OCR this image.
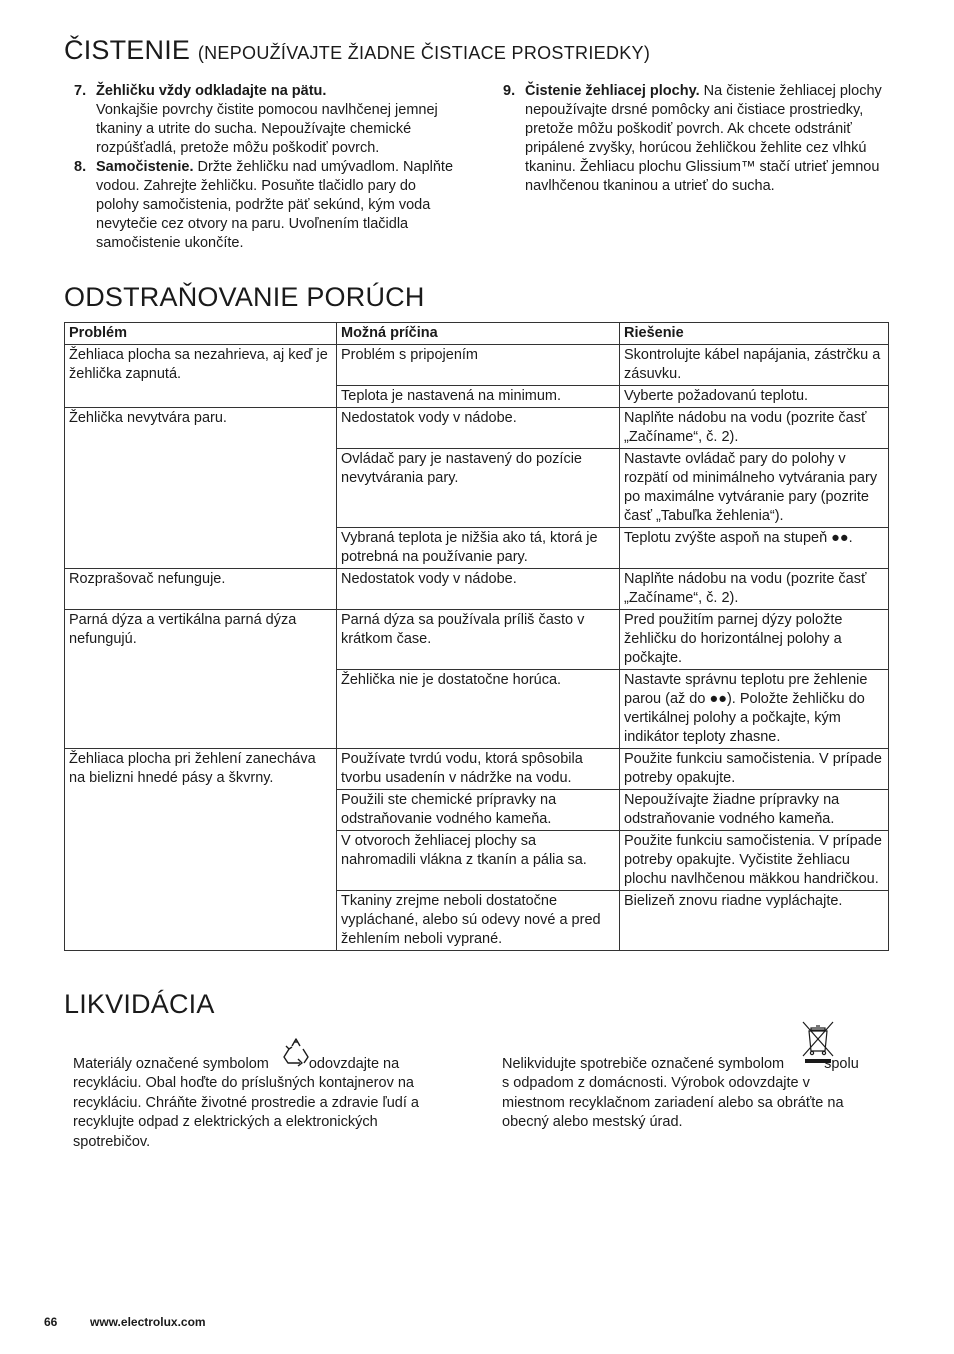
ČISTENIE (NEPOUŽÍVAJTE ŽIADNE ČISTIACE PROSTRIEDKY)
7. Žehličku vždy odkladajte na pätu.
Vonkajšie povrchy čistite pomocou navlhčenej jemnej tkaniny a utrite do sucha. Nepoužívajte chemické rozpúšťadlá, pretože môžu poškodiť povrch.
8. Samočistenie. Držte žehličku nad umývadlom. Naplňte vodou. Zahrejte žehličku. Posuňte tlačidlo pary do polohy samočistenia, podržte päť sekúnd, kým voda nevytečie cez otvory na paru. Uvoľnením tlačidla samočistenie ukončíte.
9. Čistenie žehliacej plochy. Na čistenie žehliacej plochy nepoužívajte drsné pomôcky ani čistiace prostriedky, pretože môžu poškodiť povrch. Ak chcete odstrániť pripálené zvyšky, horúcou žehličkou žehlite cez vlhkú tkaninu. Žehliacu plochu Glissium™ stačí utrieť jemnou navlhčenou tkaninou a utrieť do sucha.
ODSTRAŇOVANIE PORÚCH
Problém	Možná príčina	Riešenie
Žehliaca plocha sa nezahrieva, aj keď je žehlička zapnutá.	Problém s pripojením	Skontrolujte kábel napájania, zástrčku a zásuvku.
	Teplota je nastavená na minimum.	Vyberte požadovanú teplotu.
Žehlička nevytvára paru.	Nedostatok vody v nádobe.	Naplňte nádobu na vodu (pozrite časť „Začíname“, č. 2).
	Ovládač pary je nastavený do pozície nevytvárania pary.	Nastavte ovládač pary do polohy v rozpätí od minimálneho vytvárania pary po maximálne vytváranie pary (pozrite časť „Tabuľka žehlenia“).
	Vybraná teplota je nižšia ako tá, ktorá je potrebná na používanie pary.	Teplotu zvýšte aspoň na stupeň ●●.
Rozprašovač nefunguje.	Nedostatok vody v nádobe.	Naplňte nádobu na vodu (pozrite časť „Začíname“, č. 2).
Parná dýza a vertikálna parná dýza nefungujú.	Parná dýza sa používala príliš často v krátkom čase.	Pred použitím parnej dýzy položte žehličku do horizontálnej polohy a počkajte.
	Žehlička nie je dostatočne horúca.	Nastavte správnu teplotu pre žehlenie parou (až do ●●). Položte žehličku do vertikálnej polohy a počkajte, kým indikátor teploty zhasne.
Žehliaca plocha pri žehlení zanecháva na bielizni hnedé pásy a škvrny.	Používate tvrdú vodu, ktorá spôsobila tvorbu usadenín v nádržke na vodu.	Použite funkciu samočistenia. V prípade potreby opakujte.
	Použili ste chemické prípravky na odstraňovanie vodného kameňa.	Nepoužívajte žiadne prípravky na odstraňovanie vodného kameňa.
	V otvoroch žehliacej plochy sa nahromadili vlákna z tkanín a pália sa.	Použite funkciu samočistenia. V prípade potreby opakujte. Vyčistite žehliacu plochu navlhčenou mäkkou handričkou.
	Tkaniny zrejme neboli dostatočne vypláchané, alebo sú odevy nové a pred žehlením neboli vyprané.	Bielizeň znovu riadne vypláchajte.
LIKVIDÁCIA
Materiály označené symbolom odovzdajte na recykláciu. Obal hoďte do príslušných kontajnerov na recykláciu. Chráňte životné prostredie a zdravie ľudí a recyklujte odpad z elektrických a elektronických spotrebičov.
Nelikvidujte spotrebiče označené symbolom spolu s odpadom z domácnosti. Výrobok odovzdajte v miestnom recyklačnom zariadení alebo sa obráťte na obecný alebo mestský úrad.
66	www.electrolux.com
